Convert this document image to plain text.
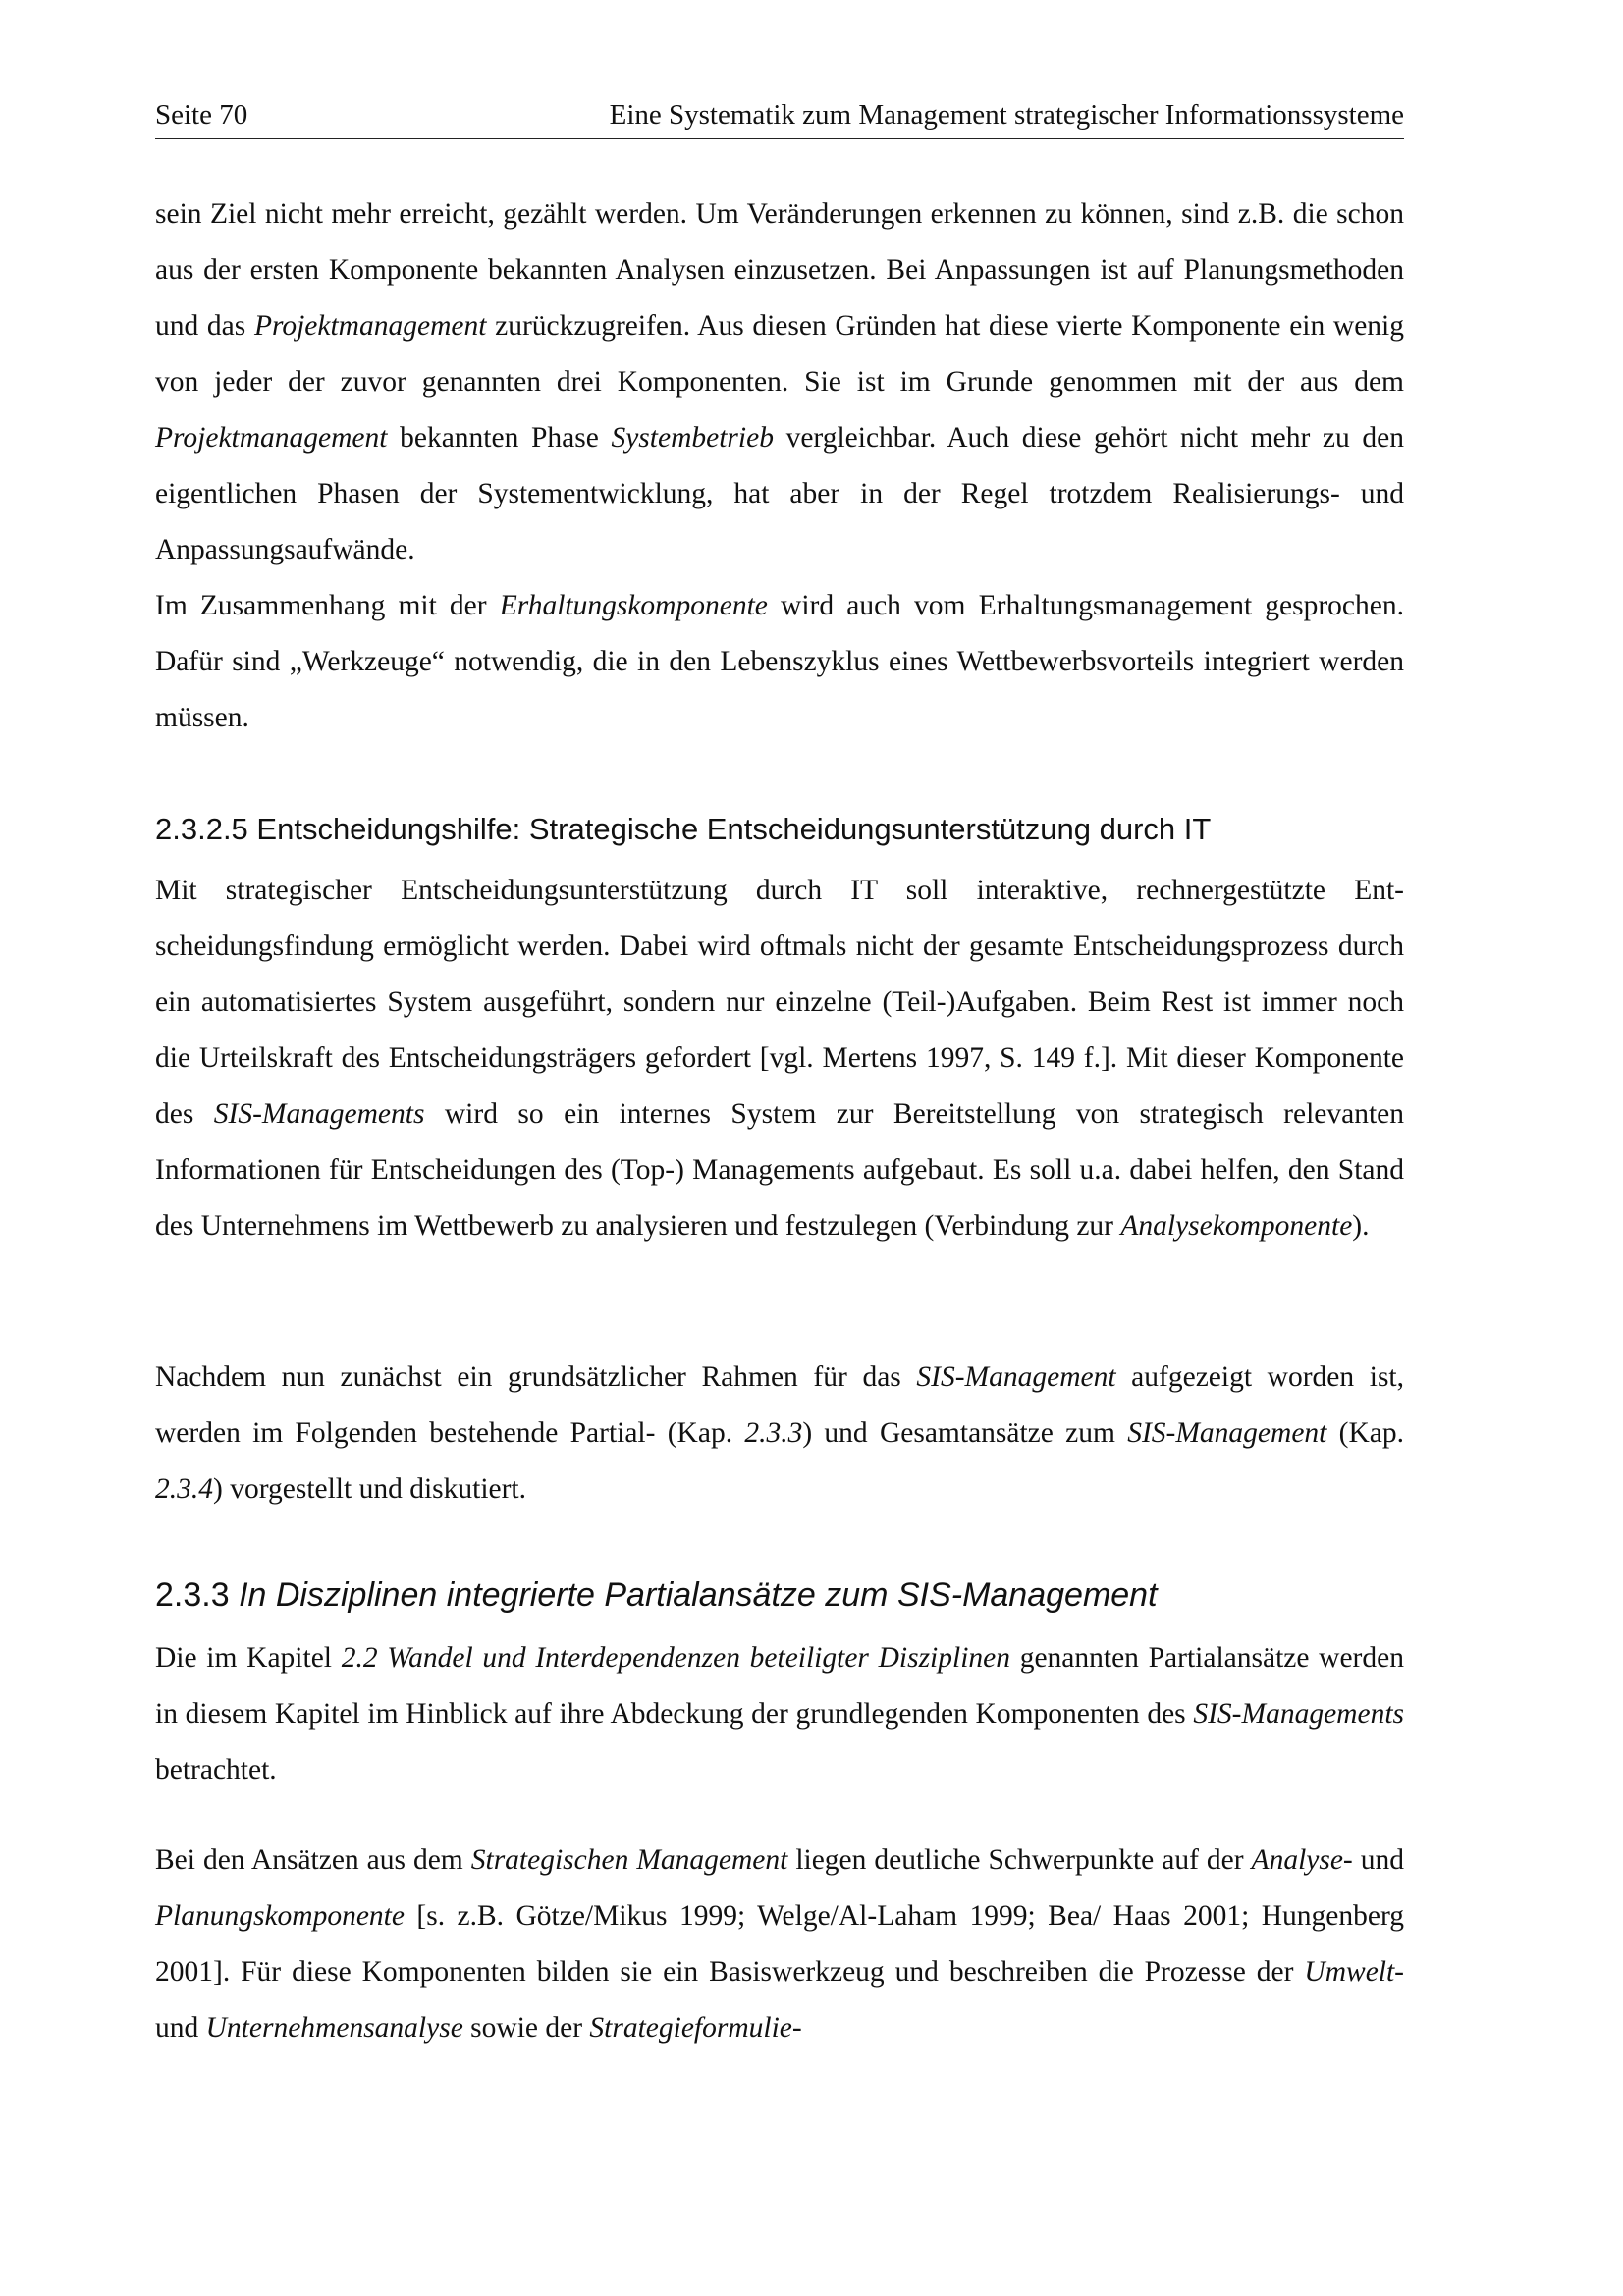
Seite 70	Eine Systematik zum Management strategischer Informationssysteme

sein Ziel nicht mehr erreicht, gezählt werden. Um Veränderungen erkennen zu können, sind z.B. die schon aus der ersten Komponente bekannten Analysen einzusetzen. Bei Anpassungen ist auf Planungsmethoden und das Projektmanagement zurückzugreifen. Aus diesen Gründen hat diese vierte Komponente ein wenig von jeder der zuvor genannten drei Komponenten. Sie ist im Grunde genommen mit der aus dem Projektmanagement bekannten Phase Systembetrieb vergleichbar. Auch diese gehört nicht mehr zu den eigentlichen Phasen der Systementwicklung, hat aber in der Regel trotzdem Realisierungs- und Anpassungsaufwände.

Im Zusammenhang mit der Erhaltungskomponente wird auch vom Erhaltungsmanagement gesprochen. Dafür sind „Werkzeuge“ notwendig, die in den Lebenszyklus eines Wettbewerbsvorteils integriert werden müssen.

2.3.2.5 Entscheidungshilfe: Strategische Entscheidungsunterstützung durch IT

Mit strategischer Entscheidungsunterstützung durch IT soll interaktive, rechnergestützte Entscheidungsfindung ermöglicht werden. Dabei wird oftmals nicht der gesamte Entscheidungsprozess durch ein automatisiertes System ausgeführt, sondern nur einzelne (Teil-)Aufgaben. Beim Rest ist immer noch die Urteilskraft des Entscheidungsträgers gefordert [vgl. Mertens 1997, S. 149 f.]. Mit dieser Komponente des SIS-Managements wird so ein internes System zur Bereitstellung von strategisch relevanten Informationen für Entscheidungen des (Top-) Managements aufgebaut. Es soll u.a. dabei helfen, den Stand des Unternehmens im Wettbewerb zu analysieren und festzulegen (Verbindung zur Analysekomponente).

Nachdem nun zunächst ein grundsätzlicher Rahmen für das SIS-Management aufgezeigt worden ist, werden im Folgenden bestehende Partial- (Kap. 2.3.3) und Gesamtansätze zum SIS-Management (Kap. 2.3.4) vorgestellt und diskutiert.

2.3.3 In Disziplinen integrierte Partialansätze zum SIS-Management

Die im Kapitel 2.2 Wandel und Interdependenzen beteiligter Disziplinen genannten Partialansätze werden in diesem Kapitel im Hinblick auf ihre Abdeckung der grundlegenden Komponenten des SIS-Managements betrachtet.

Bei den Ansätzen aus dem Strategischen Management liegen deutliche Schwerpunkte auf der Analyse- und Planungskomponente [s. z.B. Götze/Mikus 1999; Welge/Al-Laham 1999; Bea/ Haas 2001; Hungenberg 2001]. Für diese Komponenten bilden sie ein Basiswerkzeug und beschreiben die Prozesse der Umwelt- und Unternehmensanalyse sowie der Strategieformulie-
